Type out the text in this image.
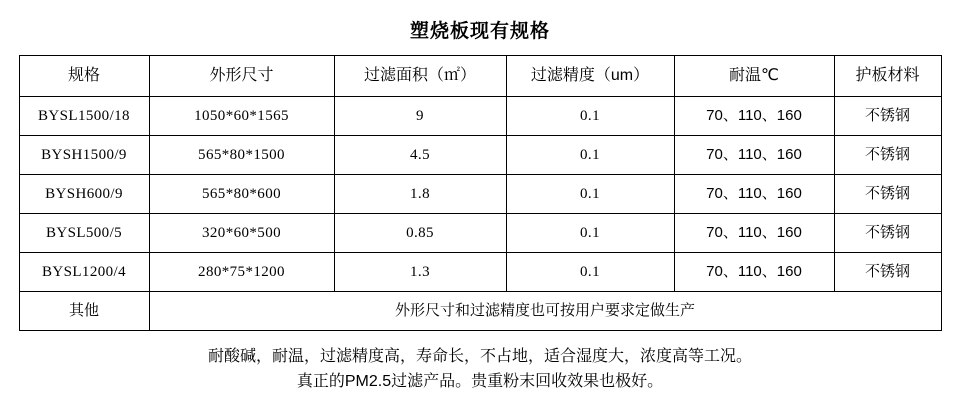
塑烧板现有规格
规格	外形尺寸	过滤面积（㎡）	过滤精度（um）	耐温℃	护板材料
BYSL1500/18	1050*60*1565	9	0.1	70、110、160	不锈钢
BYSH1500/9	565*80*1500	4.5	0.1	70、110、160	不锈钢
BYSH600/9	565*80*600	1.8	0.1	70、110、160	不锈钢
BYSL500/5	320*60*500	0.85	0.1	70、110、160	不锈钢
BYSL1200/4	280*75*1200	1.3	0.1	70、110、160	不锈钢
其他	外形尺寸和过滤精度也可按用户要求定做生产				
耐酸碱，耐温，过滤精度高，寿命长，不占地，适合湿度大，浓度高等工况。
真正的PM2.5过滤产品。贵重粉末回收效果也极好。
